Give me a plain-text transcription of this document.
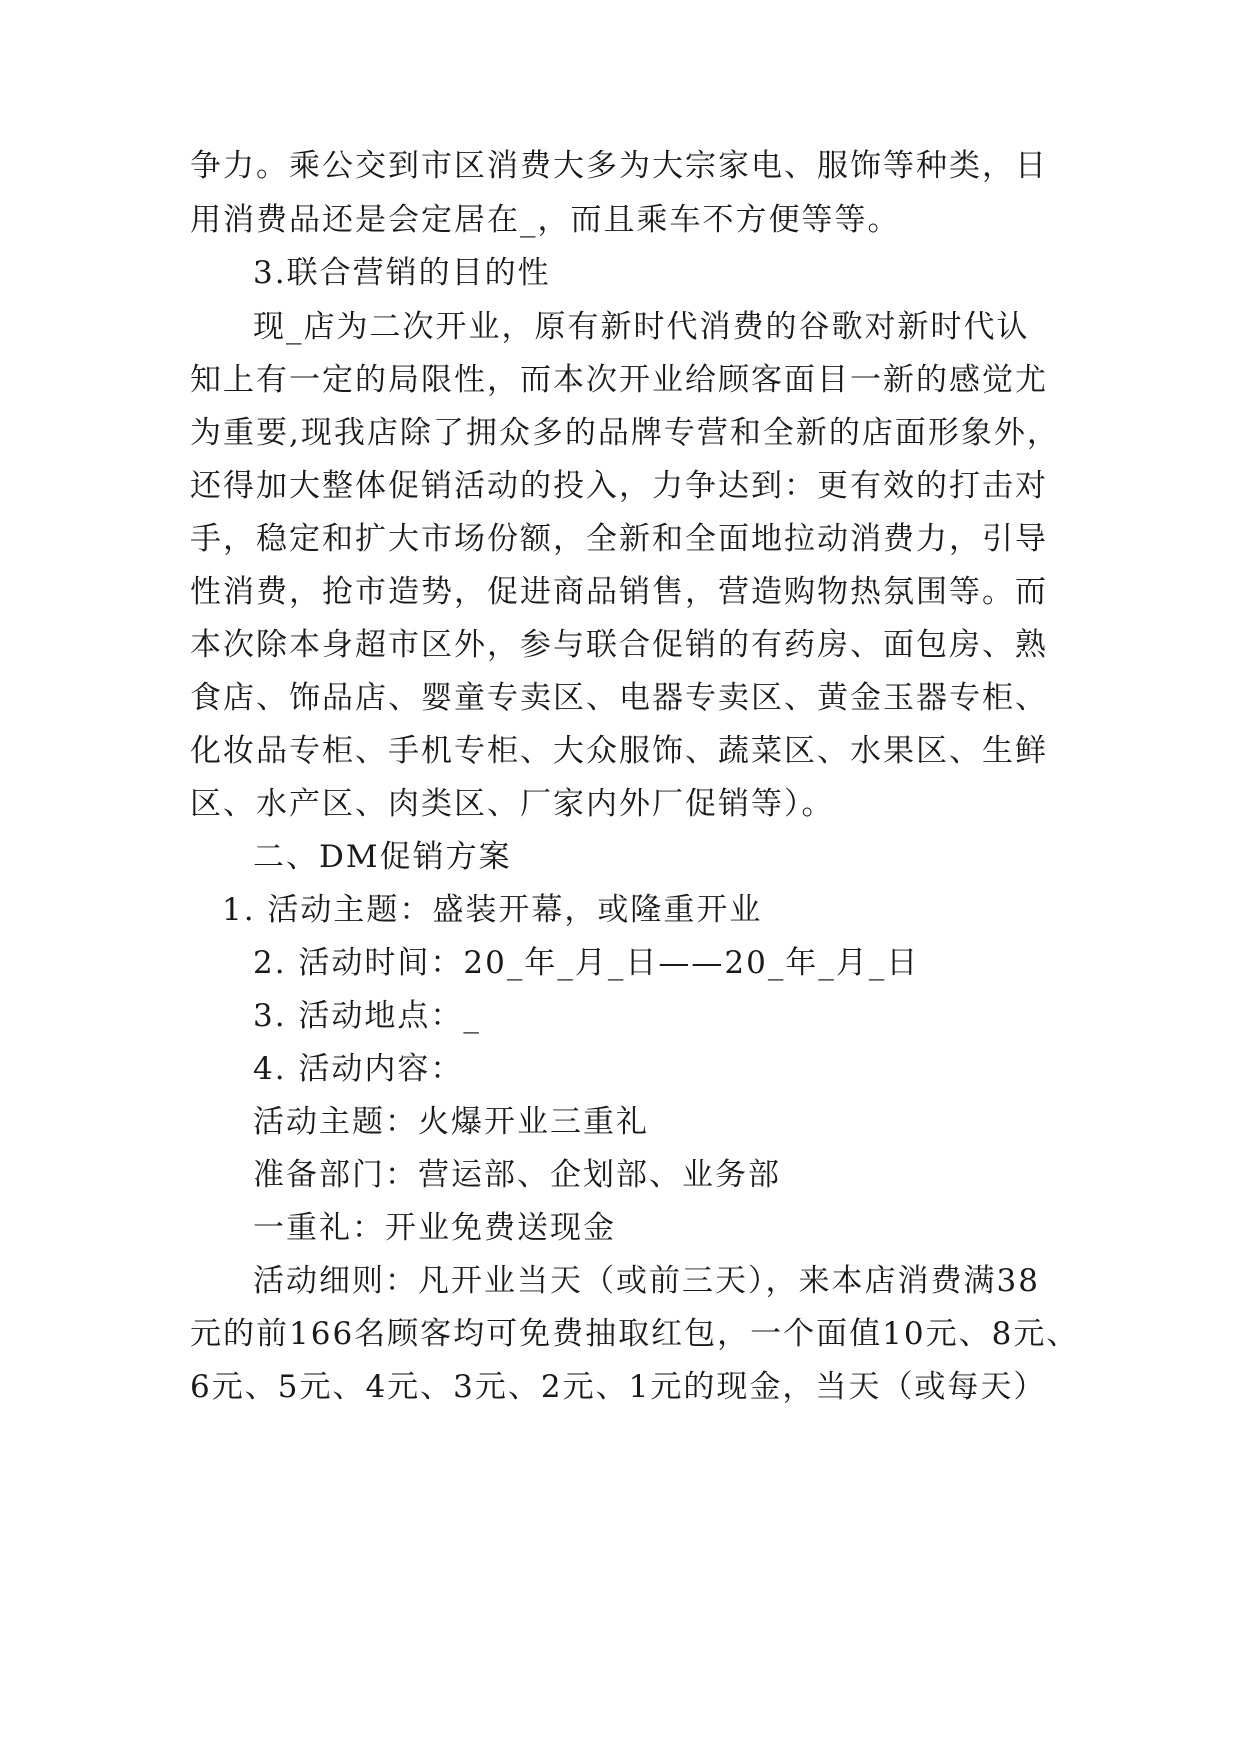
争力。乘公交到市区消费大多为大宗家电、服饰等种类，日
用消费品还是会定居在_，而且乘车不方便等等。
3.联合营销的目的性
现_店为二次开业，原有新时代消费的谷歌对新时代认
知上有一定的局限性，而本次开业给顾客面目一新的感觉尤
为重要,现我店除了拥众多的品牌专营和全新的店面形象外，
还得加大整体促销活动的投入，力争达到：更有效的打击对
手，稳定和扩大市场份额，全新和全面地拉动消费力，引导
性消费，抢市造势，促进商品销售，营造购物热氛围等。而
本次除本身超市区外，参与联合促销的有药房、面包房、熟
食店、饰品店、婴童专卖区、电器专卖区、黄金玉器专柜、
化妆品专柜、手机专柜、大众服饰、蔬菜区、水果区、生鲜
区、水产区、肉类区、厂家内外厂促销等）。
二、DM促销方案
1. 活动主题：盛装开幕，或隆重开业
2. 活动时间：20_年_月_日——20_年_月_日
3. 活动地点：_
4. 活动内容：
活动主题：火爆开业三重礼
准备部门：营运部、企划部、业务部
一重礼：开业免费送现金
活动细则：凡开业当天（或前三天），来本店消费满38
元的前166名顾客均可免费抽取红包，一个面值10元、8元、
6元、5元、4元、3元、2元、1元的现金，当天（或每天）
